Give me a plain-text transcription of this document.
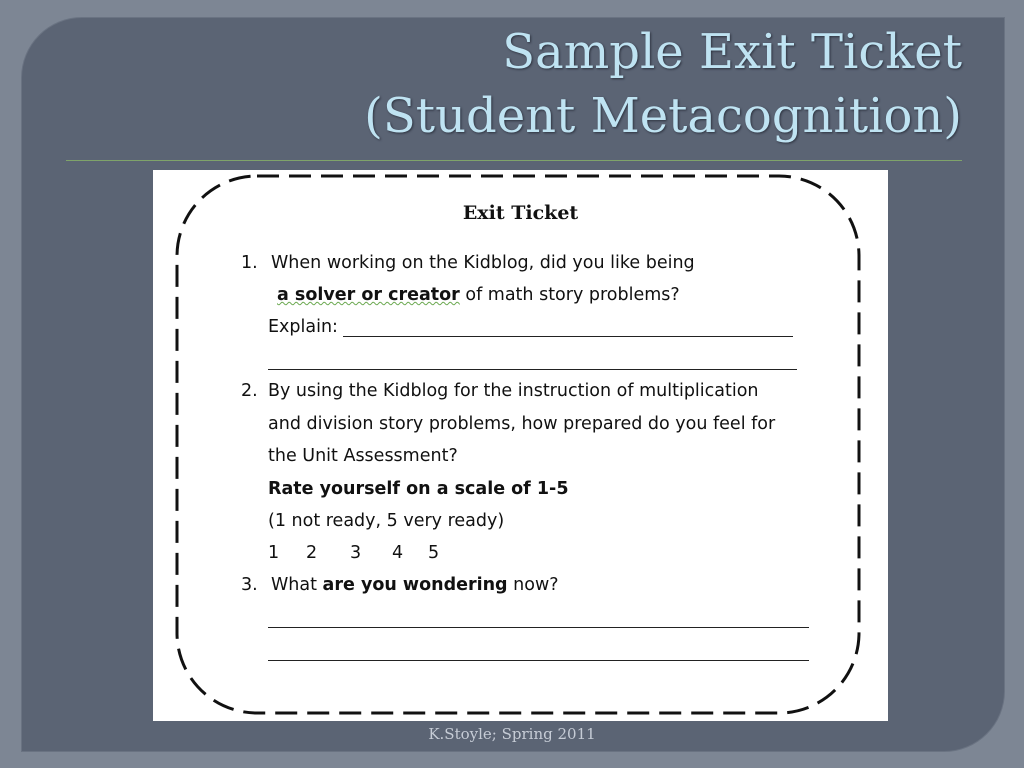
Sample Exit Ticket
(Student Metacognition)
Exit Ticket
1. When working on the Kidblog, did you like being
a solver or creator of math story problems?
Explain:
2. By using the Kidblog for the instruction of multiplication
and division story problems, how prepared do you feel for
the Unit Assessment?
Rate yourself on a scale of 1-5
(1 not ready, 5 very ready)
1 2 3 4 5
3. What are you wondering now?
K.Stoyle; Spring 2011
